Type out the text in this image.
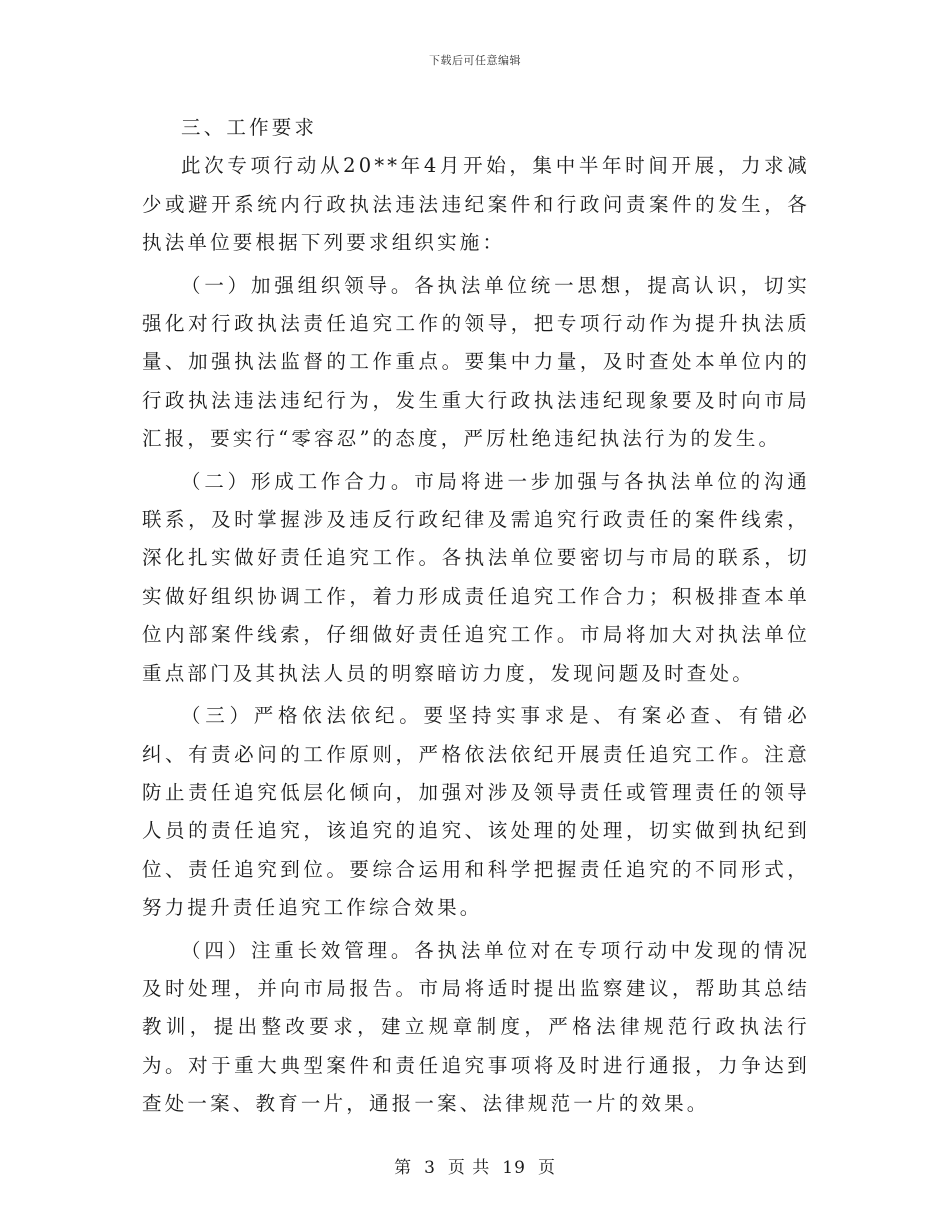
下载后可任意编辑

三、工作要求

此次专项行动从20**年4月开始，集中半年时间开展，力求减少或避开系统内行政执法违法违纪案件和行政问责案件的发生，各执法单位要根据下列要求组织实施：

（一）加强组织领导。各执法单位统一思想，提高认识，切实强化对行政执法责任追究工作的领导，把专项行动作为提升执法质量、加强执法监督的工作重点。要集中力量，及时查处本单位内的行政执法违法违纪行为，发生重大行政执法违纪现象要及时向市局汇报，要实行“零容忍”的态度，严厉杜绝违纪执法行为的发生。

（二）形成工作合力。市局将进一步加强与各执法单位的沟通联系，及时掌握涉及违反行政纪律及需追究行政责任的案件线索，深化扎实做好责任追究工作。各执法单位要密切与市局的联系，切实做好组织协调工作，着力形成责任追究工作合力；积极排查本单位内部案件线索，仔细做好责任追究工作。市局将加大对执法单位重点部门及其执法人员的明察暗访力度，发现问题及时查处。

（三）严格依法依纪。要坚持实事求是、有案必查、有错必纠、有责必问的工作原则，严格依法依纪开展责任追究工作。注意防止责任追究低层化倾向，加强对涉及领导责任或管理责任的领导人员的责任追究，该追究的追究、该处理的处理，切实做到执纪到位、责任追究到位。要综合运用和科学把握责任追究的不同形式，努力提升责任追究工作综合效果。

（四）注重长效管理。各执法单位对在专项行动中发现的情况及时处理，并向市局报告。市局将适时提出监察建议，帮助其总结教训，提出整改要求，建立规章制度，严格法律规范行政执法行为。对于重大典型案件和责任追究事项将及时进行通报，力争达到查处一案、教育一片，通报一案、法律规范一片的效果。

第 3 页 共 19 页
